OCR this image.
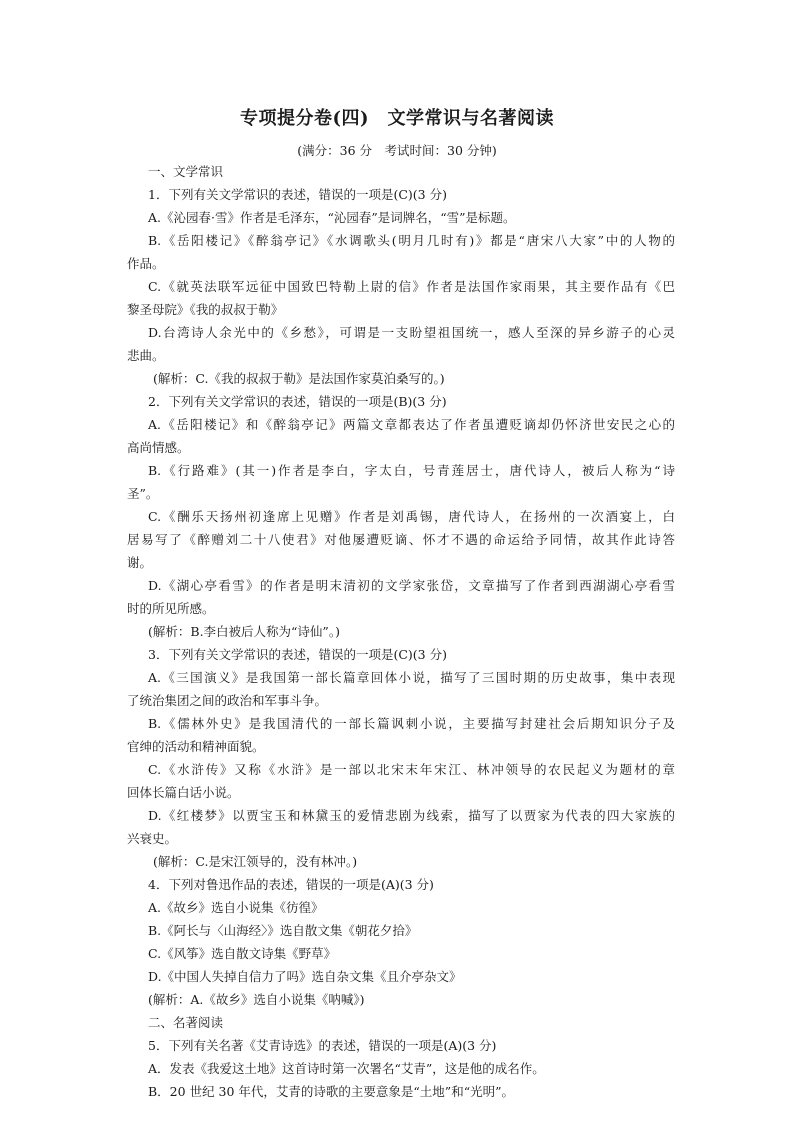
专项提分卷(四)　文学常识与名著阅读
(满分：36 分　考试时间：30 分钟)
一、文学常识
1．下列有关文学常识的表述，错误的一项是(C)(3 分)
A.《沁园春·雪》作者是毛泽东，“沁园春”是词牌名，“雪”是标题。
B.《岳阳楼记》《醉翁亭记》《水调歌头(明月几时有)》都是“唐宋八大家”中的人物的
作品。
C.《就英法联军远征中国致巴特勒上尉的信》作者是法国作家雨果，其主要作品有《巴
黎圣母院》《我的叔叔于勒》
D.台湾诗人余光中的《乡愁》，可谓是一支盼望祖国统一，感人至深的异乡游子的心灵
悲曲。
(解析：C.《我的叔叔于勒》是法国作家莫泊桑写的。)
2．下列有关文学常识的表述，错误的一项是(B)(3 分)
A.《岳阳楼记》和《醉翁亭记》两篇文章都表达了作者虽遭贬谪却仍怀济世安民之心的
高尚情感。
B.《行路难》(其一)作者是李白，字太白，号青莲居士，唐代诗人，被后人称为“诗
圣”。
C.《酬乐天扬州初逢席上见赠》作者是刘禹锡，唐代诗人，在扬州的一次酒宴上，白
居易写了《醉赠刘二十八使君》对他屡遭贬谪、怀才不遇的命运给予同情，故其作此诗答
谢。
D.《湖心亭看雪》的作者是明末清初的文学家张岱，文章描写了作者到西湖湖心亭看雪
时的所见所感。
(解析：B.李白被后人称为“诗仙”。)
3．下列有关文学常识的表述，错误的一项是(C)(3 分)
A.《三国演义》是我国第一部长篇章回体小说，描写了三国时期的历史故事，集中表现
了统治集团之间的政治和军事斗争。
B.《儒林外史》是我国清代的一部长篇讽刺小说，主要描写封建社会后期知识分子及
官绅的活动和精神面貌。
C.《水浒传》又称《水浒》是一部以北宋末年宋江、林冲领导的农民起义为题材的章
回体长篇白话小说。
D.《红楼梦》以贾宝玉和林黛玉的爱情悲剧为线索，描写了以贾家为代表的四大家族的
兴衰史。
(解析：C.是宋江领导的，没有林冲。)
4．下列对鲁迅作品的表述，错误的一项是(A)(3 分)
A.《故乡》选自小说集《彷徨》
B.《阿长与〈山海经〉》选自散文集《朝花夕拾》
C.《风筝》选自散文诗集《野草》
D.《中国人失掉自信力了吗》选自杂文集《且介亭杂文》
(解析：A.《故乡》选自小说集《呐喊》)
二、名著阅读
5．下列有关名著《艾青诗选》的表述，错误的一项是(A)(3 分)
A．发表《我爱这土地》这首诗时第一次署名“艾青”，这是他的成名作。
B．20 世纪 30 年代，艾青的诗歌的主要意象是“土地”和“光明”。
